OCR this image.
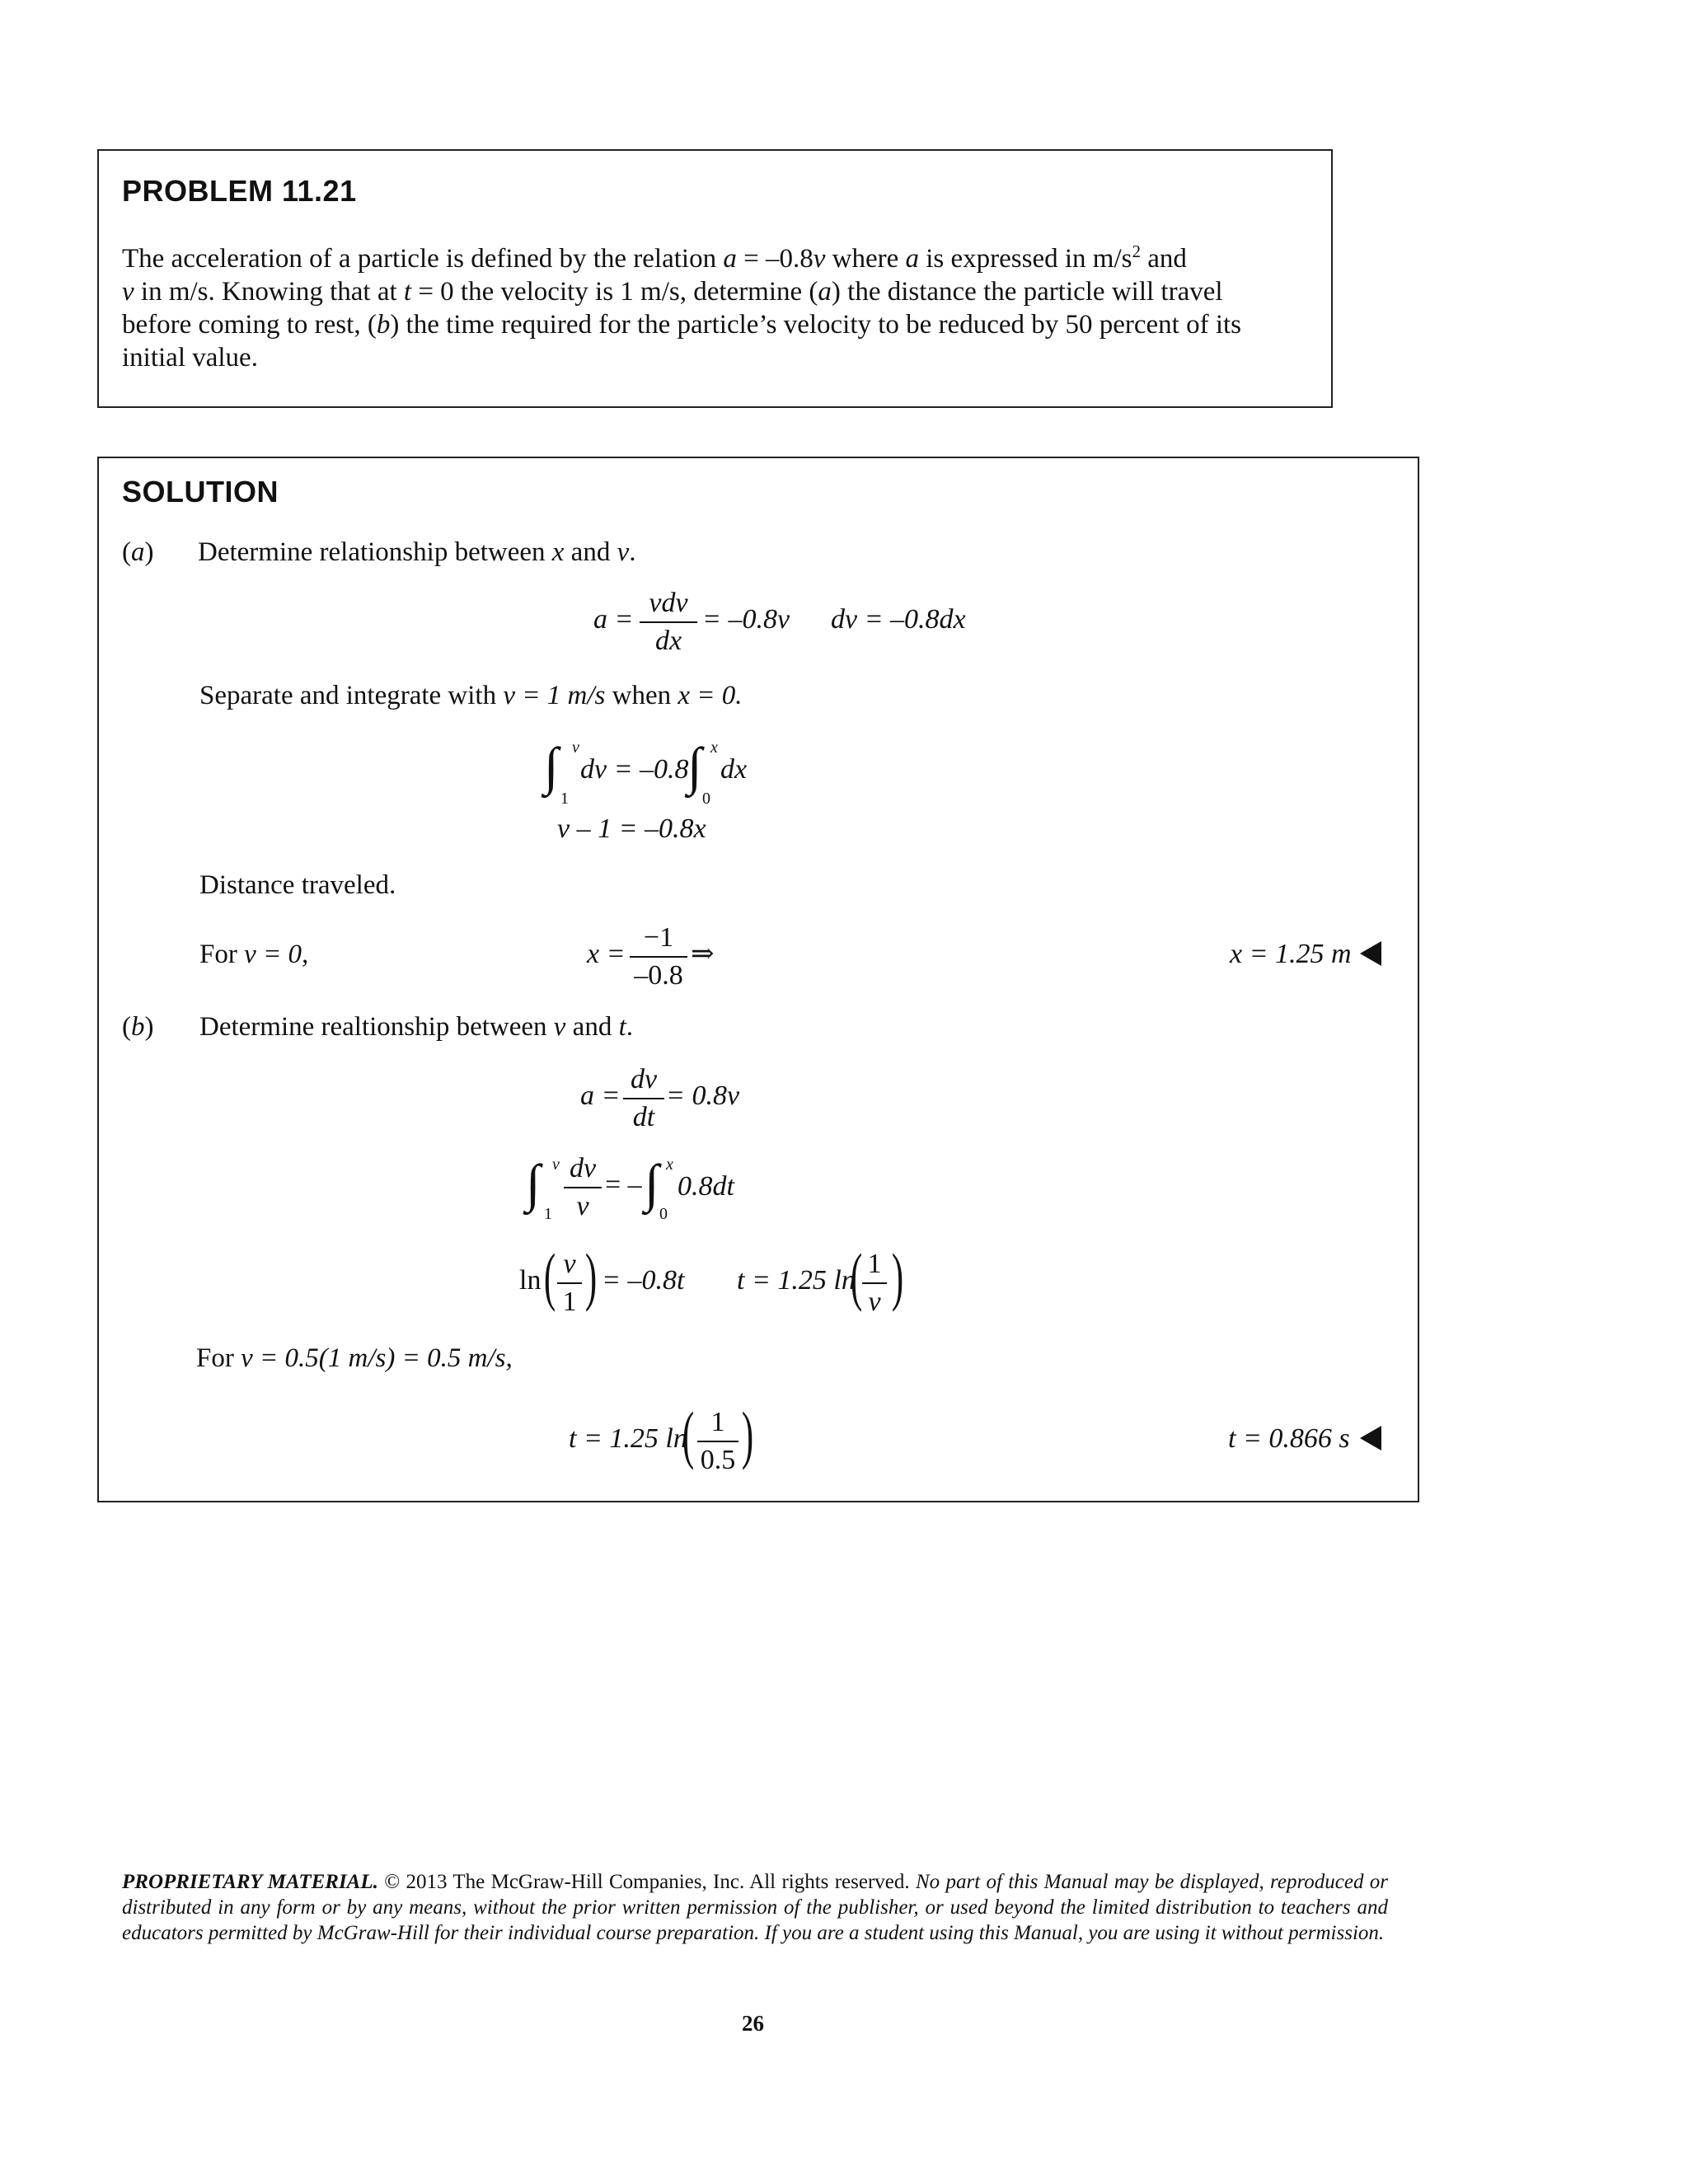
PROBLEM 11.21
The acceleration of a particle is defined by the relation a = –0.8v where a is expressed in $m/s^2$ and
v in m/s. Knowing that at t = 0 the velocity is 1 m/s, determine (a) the distance the particle will travel
before coming to rest, (b) the time required for the particle’s velocity to be reduced by 50 percent of its
initial value.
SOLUTION
(a) Determine relationship between x and v.
a =
vdv
dx
= –0.8v dv = –0.8dx
Separate and integrate with v = 1 m/s when x = 0.
∫ v
1
dv = –0.8
∫ x
0
dx
v – 1 = –0.8x
Distance traveled.
For v = 0,	x =
−1
–0.8
⇒	x = 1.25 m
(b) Determine realtionship between v and t.
a =
dv
dt
= 0.8v
∫ v
1
dv
v
= – ∫ x
0
0.8dt
ln ( v
1 ) = –0.8t t = 1.25 ln
( 1
v )
For v = 0.5(1 m/s) = 0.5 m/s,
t = 1.25 ln
( 1
0.5 )	t = 0.866 s
PROPRIETARY MATERIAL. © 2013 The McGraw-Hill Companies, Inc. All rights reserved. No part of this Manual may be displayed, reproduced or distributed in any form or by any means, without the prior written permission of the publisher, or used beyond the limited distribution to teachers and educators permitted by McGraw-Hill for their individual course preparation. If you are a student using this Manual, you are using it without permission.
26
